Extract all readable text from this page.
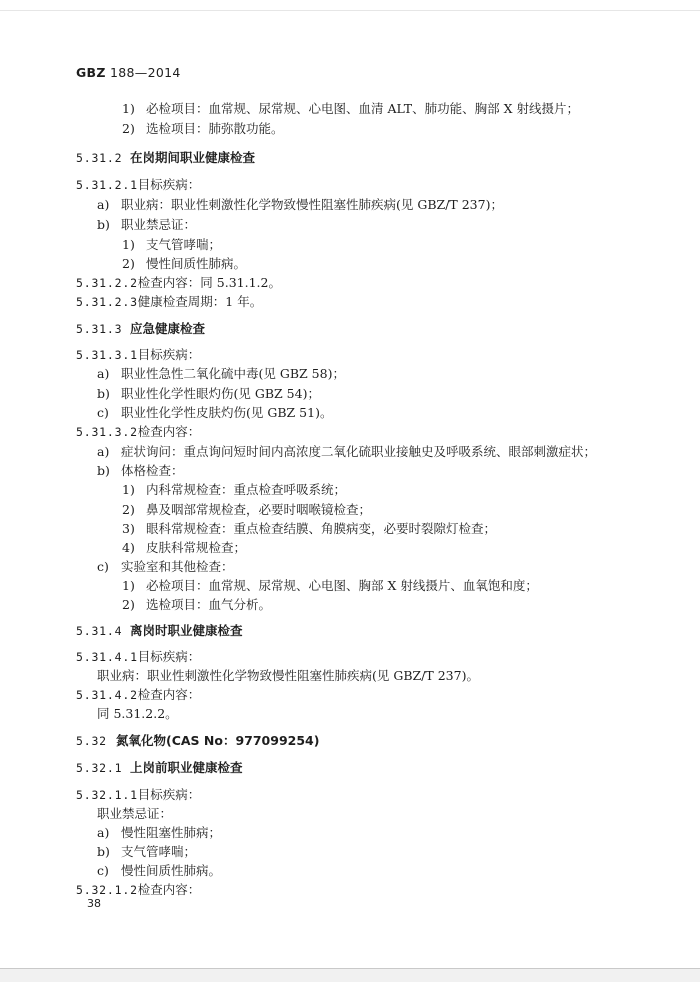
GBZ 188—2014
1) 必检项目：血常规、尿常规、心电图、血清 ALT、肺功能、胸部 X 射线摄片；
2) 选检项目：肺弥散功能。
5.31.2 在岗期间职业健康检查
5.31.2.1目标疾病：
a) 职业病：职业性刺激性化学物致慢性阻塞性肺疾病(见 GBZ/T 237)；
b) 职业禁忌证：
1) 支气管哮喘；
2) 慢性间质性肺病。
5.31.2.2检查内容：同 5.31.1.2。
5.31.2.3健康检查周期：1 年。
5.31.3 应急健康检查
5.31.3.1目标疾病：
a) 职业性急性二氧化硫中毒(见 GBZ 58)；
b) 职业性化学性眼灼伤(见 GBZ 54)；
c) 职业性化学性皮肤灼伤(见 GBZ 51)。
5.31.3.2检查内容：
a) 症状询问：重点询问短时间内高浓度二氧化硫职业接触史及呼吸系统、眼部刺激症状；
b) 体格检查：
1) 内科常规检查：重点检查呼吸系统；
2) 鼻及咽部常规检查，必要时咽喉镜检查；
3) 眼科常规检查：重点检查结膜、角膜病变，必要时裂隙灯检查；
4) 皮肤科常规检查；
c) 实验室和其他检查：
1) 必检项目：血常规、尿常规、心电图、胸部 X 射线摄片、血氧饱和度；
2) 选检项目：血气分析。
5.31.4 离岗时职业健康检查
5.31.4.1目标疾病：
职业病：职业性刺激性化学物致慢性阻塞性肺疾病(见 GBZ/T 237)。
5.31.4.2检查内容：
同 5.31.2.2。
5.32 氮氧化物(CAS No：977099254)
5.32.1 上岗前职业健康检查
5.32.1.1目标疾病：
职业禁忌证：
a) 慢性阻塞性肺病；
b) 支气管哮喘；
c) 慢性间质性肺病。
5.32.1.2检查内容：
38
